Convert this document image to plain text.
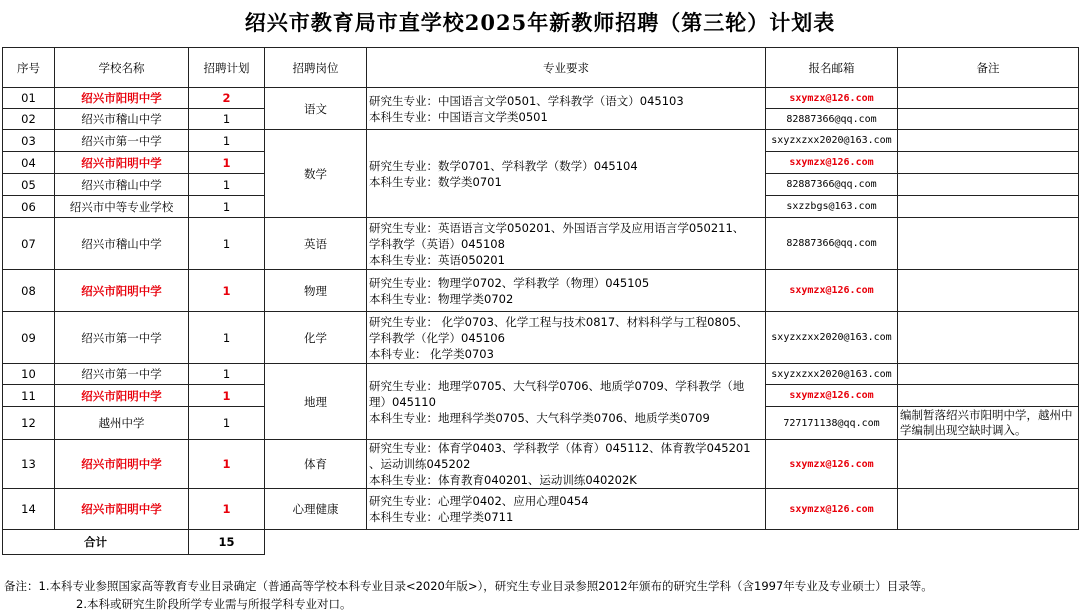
绍兴市教育局市直学校2025年新教师招聘（第三轮）计划表
序号	学校名称	招聘计划	招聘岗位	专业要求	报名邮箱	备注
01	绍兴市阳明中学	2	语文	研究生专业：中国语言文学0501、学科教学（语文）045103
本科生专业：中国语言文学类0501	sxymzx@126.com	
02	绍兴市稽山中学	1			82887366@qq.com	
03	绍兴市第一中学	1	数学	研究生专业：数学0701、学科教学（数学）045104
本科生专业：数学类0701	sxyzxzxx2020@163.com	
04	绍兴市阳明中学	1			sxymzx@126.com	
05	绍兴市稽山中学	1			82887366@qq.com	
06	绍兴市中等专业学校	1			sxzzbgs@163.com	
07	绍兴市稽山中学	1	英语	研究生专业：英语语言文学050201、外国语言学及应用语言学050211、
学科教学（英语）045108
本科生专业：英语050201	82887366@qq.com	
08	绍兴市阳明中学	1	物理	研究生专业：物理学0702、学科教学（物理）045105
本科生专业：物理学类0702	sxymzx@126.com	
09	绍兴市第一中学	1	化学	研究生专业： 化学0703、化学工程与技术0817、材料科学与工程0805、
学科教学（化学）045106
本科专业： 化学类0703	sxyzxzxx2020@163.com	
10	绍兴市第一中学	1	地理	研究生专业：地理学0705、大气科学0706、地质学0709、学科教学（地
理）045110
本科生专业：地理科学类0705、大气科学类0706、地质学类0709	sxyzxzxx2020@163.com	
11	绍兴市阳明中学	1			sxymzx@126.com	
12	越州中学	1			727171138@qq.com	编制暂落绍兴市阳明中学，越州中学编制出现空缺时调入。
13	绍兴市阳明中学	1	体育	研究生专业：体育学0403、学科教学（体育）045112、体育教学045201
、运动训练045202
本科生专业：体育教育040201、运动训练040202K	sxymzx@126.com	
14	绍兴市阳明中学	1	心理健康	研究生专业：心理学0402、应用心理0454
本科生专业：心理学类0711	sxymzx@126.com	
合计		15				
备注：1.本科专业参照国家高等教育专业目录确定（普通高等学校本科专业目录<2020年版>），研究生专业目录参照2012年颁布的研究生学科（含1997年专业及专业硕士）目录等。
2.本科或研究生阶段所学专业需与所报学科专业对口。
